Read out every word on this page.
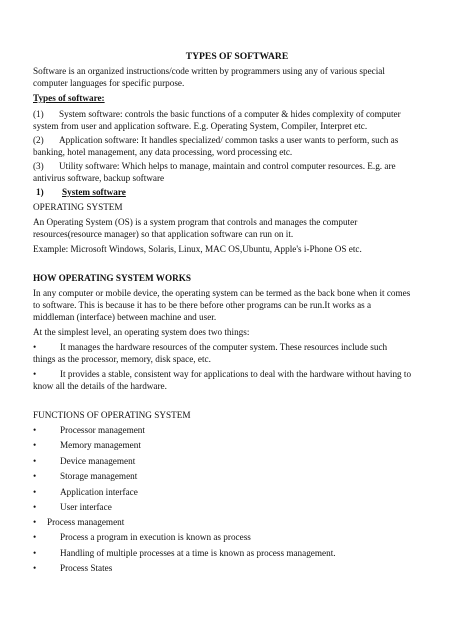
TYPES OF SOFTWARE
Software is an organized instructions/code written by programmers using any of various special
computer languages for specific purpose.
Types of software:
(1) System software: controls the basic functions of a computer & hides complexity of computer
system from user and application software. E.g. Operating System, Compiler, Interpret etc.
(2) Application software: It handles specialized/ common tasks a user wants to perform, such as
banking, hotel management, any data processing, word processing etc.
(3) Utility software: Which helps to manage, maintain and control computer resources. E.g. are
antivirus software, backup software
1) System software
OPERATING SYSTEM
An Operating System (OS) is a system program that controls and manages the computer
resources(resource manager) so that application software can run on it.
Example: Microsoft Windows, Solaris, Linux, MAC OS,Ubuntu, Apple's i-Phone OS etc.
HOW OPERATING SYSTEM WORKS
In any computer or mobile device, the operating system can be termed as the back bone when it comes
to software. This is because it has to be there before other programs can be run.It works as a
middleman (interface) between machine and user.
At the simplest level, an operating system does two things:
•	It manages the hardware resources of the computer system. These resources include such
things as the processor, memory, disk space, etc.
•	It provides a stable, consistent way for applications to deal with the hardware without having to
know all the details of the hardware.
FUNCTIONS OF OPERATING SYSTEM
•	Processor management
•	Memory management
•	Device management
•	Storage management
•	Application interface
•	User interface
• Process management
•	Process a program in execution is known as process
•	Handling of multiple processes at a time is known as process management.
•	Process States
